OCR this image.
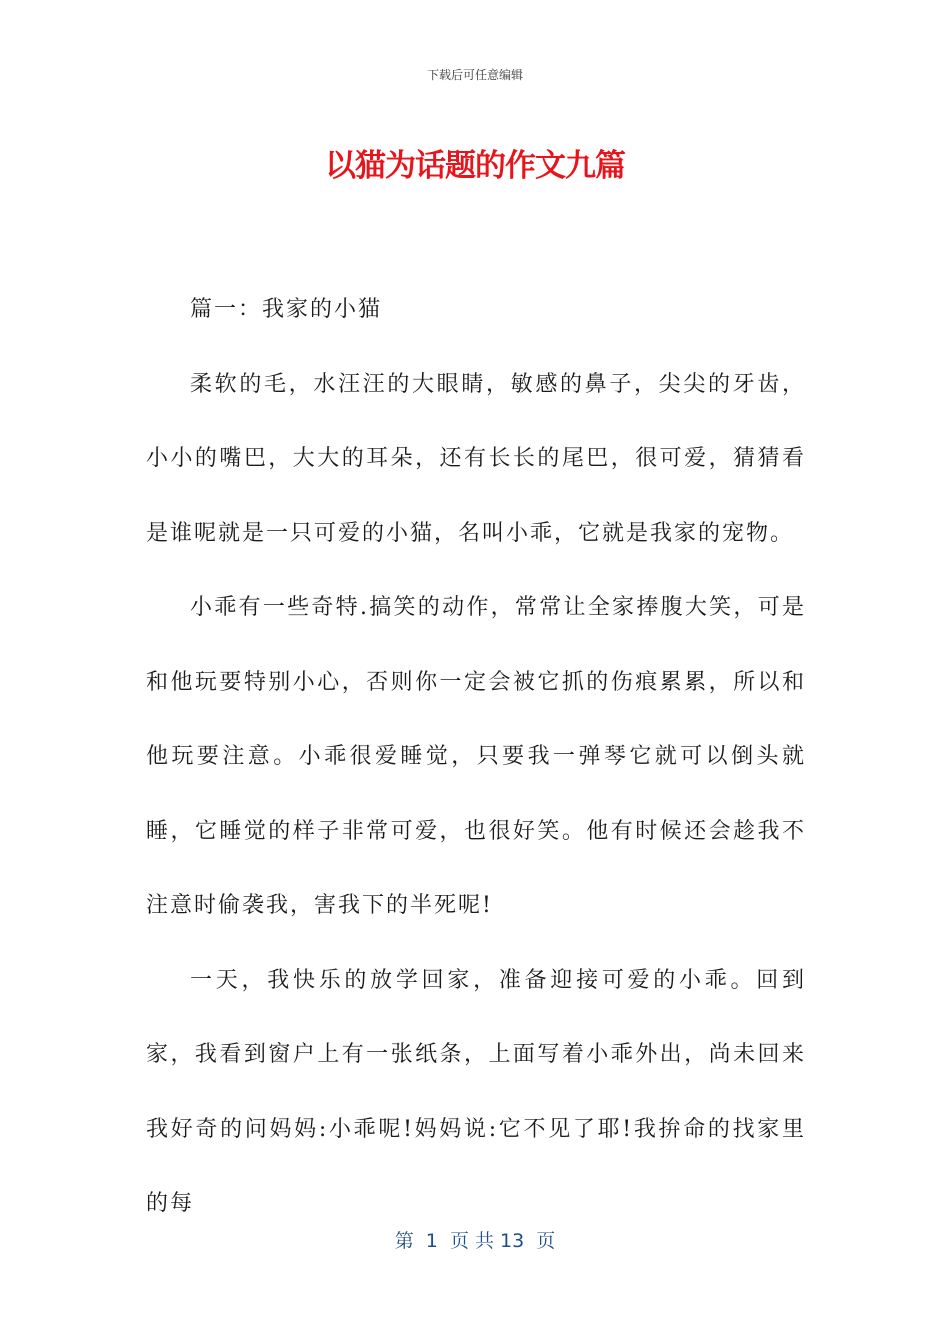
下载后可任意编辑
以猫为话题的作文九篇

篇一：我家的小猫

柔软的毛，水汪汪的大眼睛，敏感的鼻子，尖尖的牙齿，小小的嘴巴，大大的耳朵，还有长长的尾巴，很可爱，猜猜看是谁呢就是一只可爱的小猫，名叫小乖，它就是我家的宠物。

小乖有一些奇特.搞笑的动作，常常让全家捧腹大笑，可是和他玩要特别小心，否则你一定会被它抓的伤痕累累，所以和他玩要注意。小乖很爱睡觉，只要我一弹琴它就可以倒头就睡，它睡觉的样子非常可爱，也很好笑。他有时候还会趁我不注意时偷袭我，害我下的半死呢!

一天，我快乐的放学回家，准备迎接可爱的小乖。回到家，我看到窗户上有一张纸条，上面写着小乖外出，尚未回来我好奇的问妈妈:小乖呢!妈妈说:它不见了耶!我拚命的找家里的每

第  1  页 共 13  页
